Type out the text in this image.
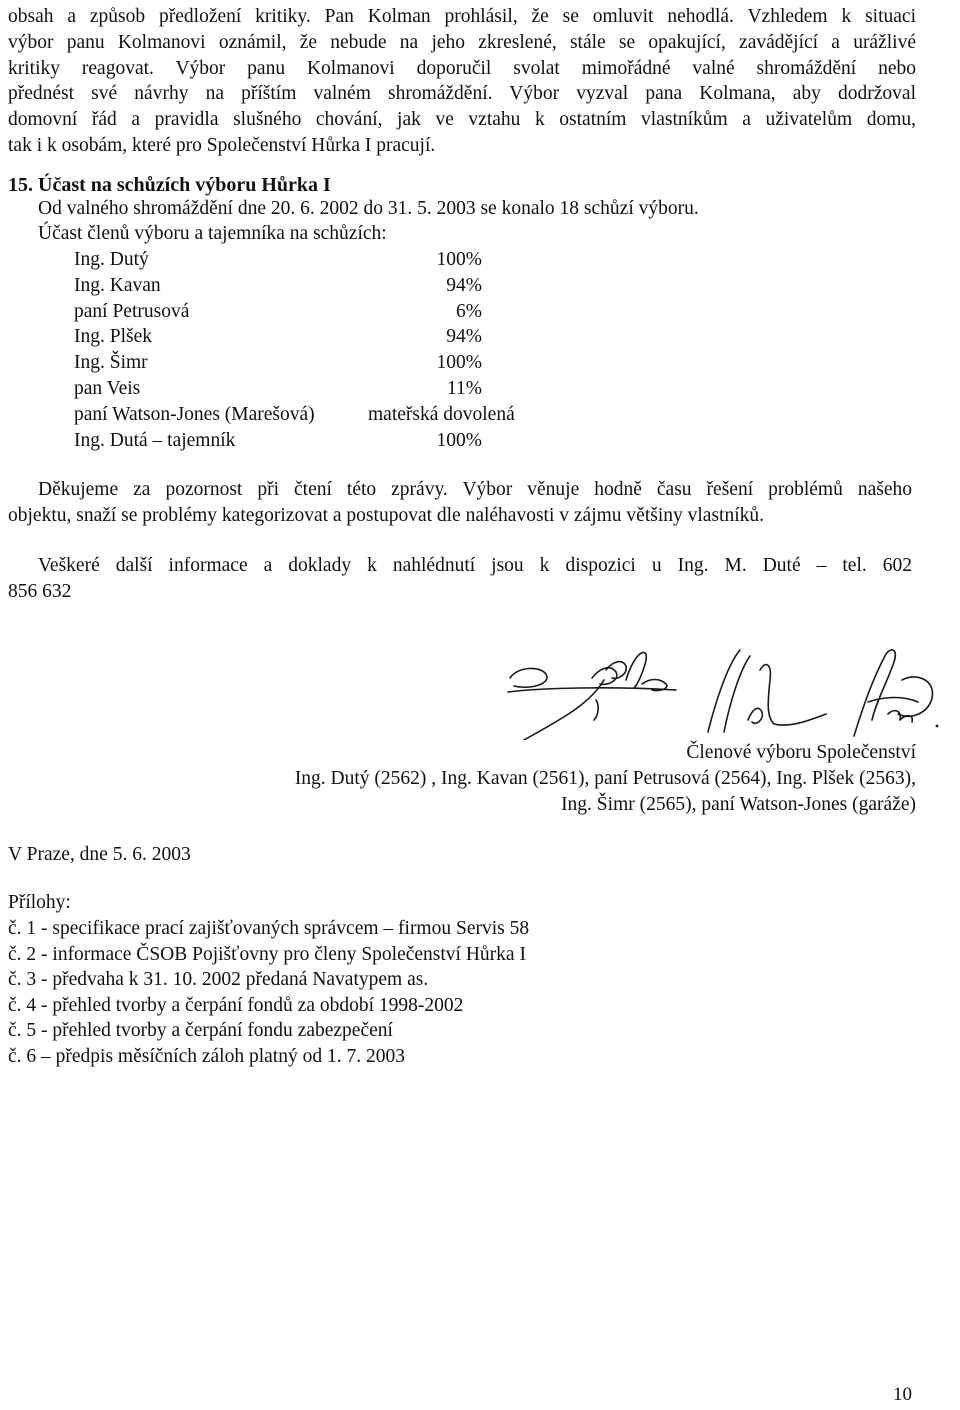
obsah a způsob předložení kritiky. Pan Kolman prohlásil, že se omluvit nehodlá. Vzhledem k situaci
výbor panu Kolmanovi oznámil, že nebude na jeho zkreslené, stále se opakující, zavádějící a urážlivé
kritiky reagovat. Výbor panu Kolmanovi doporučil svolat mimořádné valné shromáždění nebo
přednést své návrhy na příštím valném shromáždění. Výbor vyzval pana Kolmana, aby dodržoval
domovní řád a pravidla slušného chování, jak ve vztahu k ostatním vlastníkům a uživatelům domu,
tak i k osobám, které pro Společenství Hůrka I pracují.
15. Účast na schůzích výboru Hůrka I
Od valného shromáždění dne 20. 6. 2002 do 31. 5. 2003 se konalo 18 schůzí výboru.
Účast členů výboru a tajemníka na schůzích:
Ing. Dutý	100%
Ing. Kavan	94%
paní Petrusová	6%
Ing. Plšek	94%
Ing. Šimr	100%
pan Veis	11%
paní Watson-Jones (Marešová)	mateřská dovolená
Ing. Dutá – tajemník	100%
Děkujeme za pozornost při čtení této zprávy. Výbor věnuje hodně času řešení problémů našeho
objektu, snaží se problémy kategorizovat a postupovat dle naléhavosti v zájmu většiny vlastníků.
Veškeré další informace a doklady k nahlédnutí jsou k dispozici u Ing. M. Duté – tel. 602
856 632
Členové výboru Společenství
Ing. Dutý (2562) , Ing. Kavan (2561), paní Petrusová (2564), Ing. Plšek (2563),
Ing. Šimr (2565), paní Watson-Jones (garáže)
V Praze, dne 5. 6. 2003
Přílohy:
č. 1 - specifikace prací zajišťovaných správcem – firmou Servis 58
č. 2 - informace ČSOB Pojišťovny pro členy Společenství Hůrka I
č. 3 - předvaha k 31. 10. 2002 předaná Navatypem as.
č. 4 - přehled tvorby a čerpání fondů za období 1998-2002
č. 5 - přehled tvorby a čerpání fondu zabezpečení
č. 6 – předpis měsíčních záloh platný od 1. 7. 2003
10
